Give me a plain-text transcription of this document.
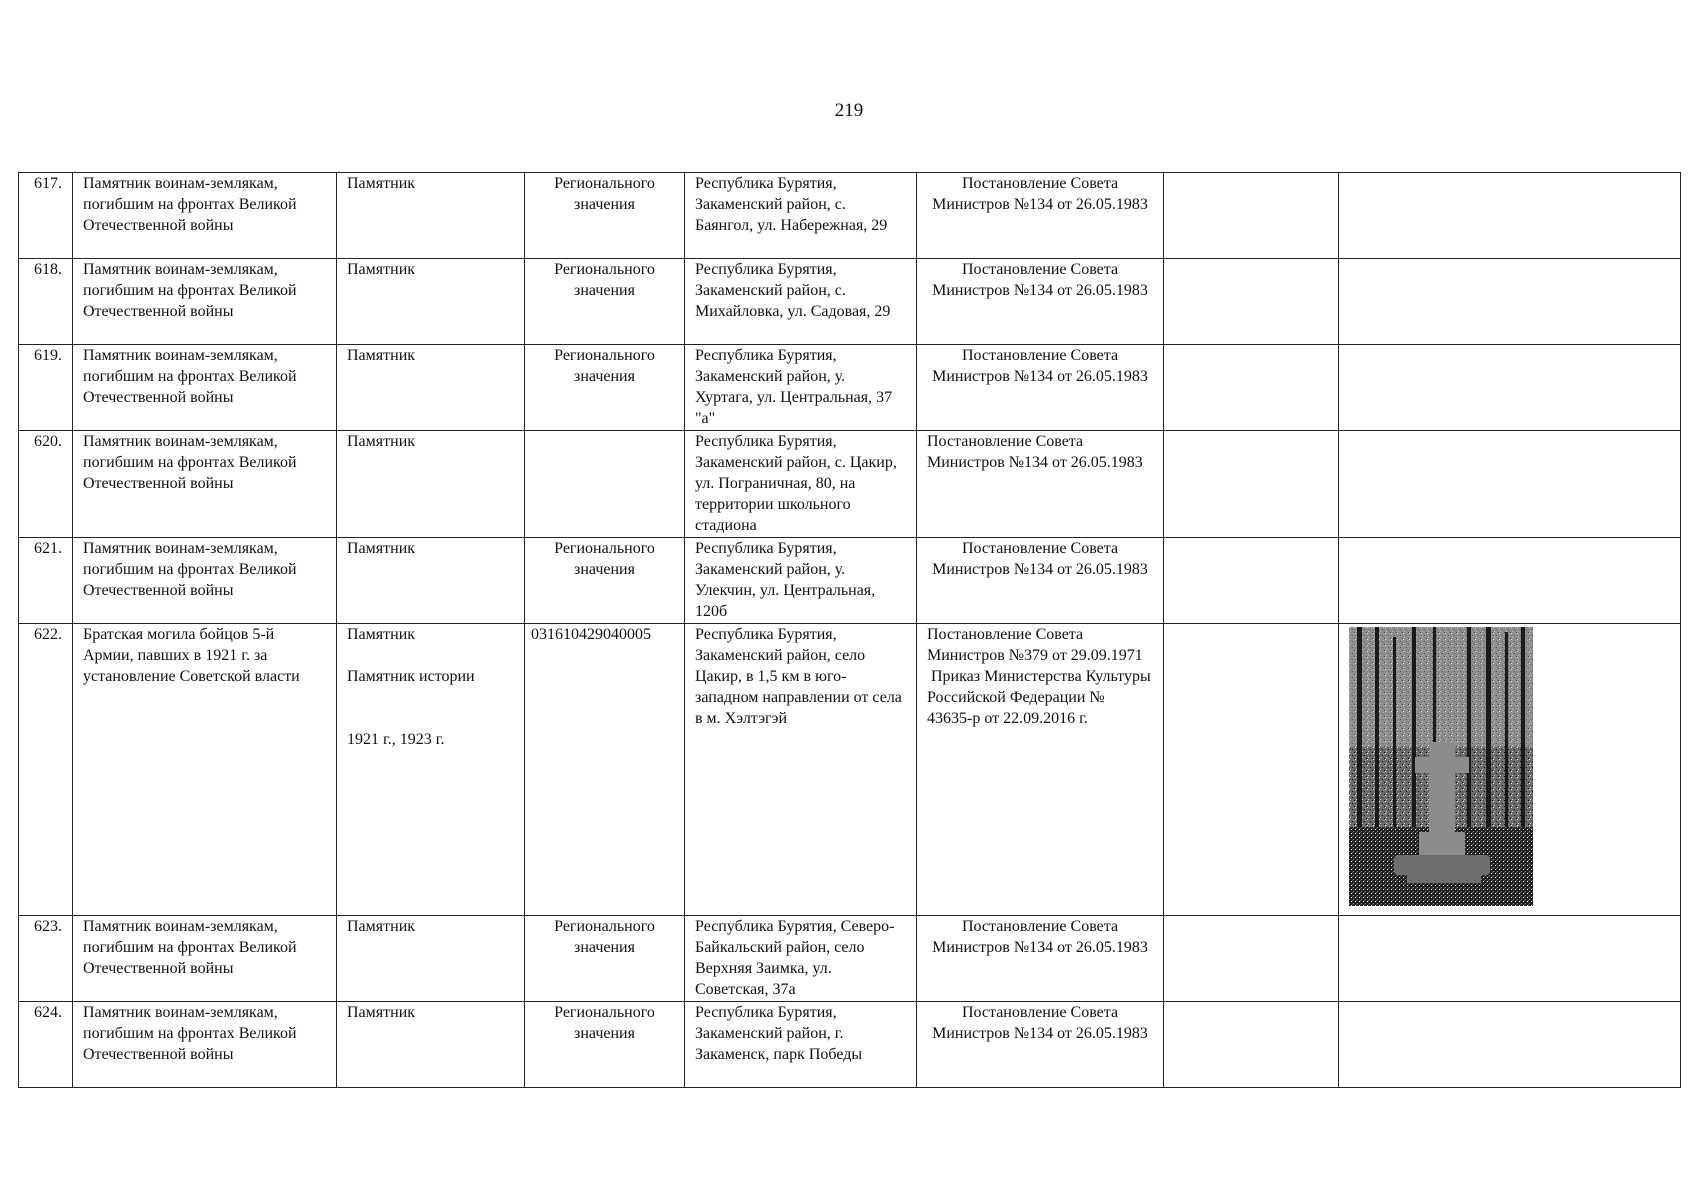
219
617.	Памятник воинам-землякам, погибшим на фронтах Великой Отечественной войны	Памятник	Регионального значения	Республика Бурятия, Закаменский район, с. Баянгол, ул. Набережная, 29	Постановление Совета Министров №134 от 26.05.1983		
618.	Памятник воинам-землякам, погибшим на фронтах Великой Отечественной войны	Памятник	Регионального значения	Республика Бурятия, Закаменский район, с. Михайловка, ул. Садовая, 29	Постановление Совета Министров №134 от 26.05.1983		
619.	Памятник воинам-землякам, погибшим на фронтах Великой Отечественной войны	Памятник	Регионального значения	Республика Бурятия, Закаменский район, у. Хуртага, ул. Центральная, 37 "а"	Постановление Совета Министров №134 от 26.05.1983		
620.	Памятник воинам-землякам, погибшим на фронтах Великой Отечественной войны	Памятник		Республика Бурятия, Закаменский район, с. Цакир, ул. Пограничная, 80, на территории школьного стадиона	Постановление Совета Министров №134 от 26.05.1983		
621.	Памятник воинам-землякам, погибшим на фронтах Великой Отечественной войны	Памятник	Регионального значения	Республика Бурятия, Закаменский район, у. Улекчин, ул. Центральная, 120б	Постановление Совета Министров №134 от 26.05.1983		
622.	Братская могила бойцов 5-й Армии, павших в 1921 г. за установление Советской власти	Памятник
Памятник истории
1921 г., 1923 г.	031610429040005	Республика Бурятия, Закаменский район, село Цакир, в 1,5 км в юго-западном направлении от села в м. Хэлтэгэй	Постановление Совета Министров №379 от 29.09.1971
Приказ Министерства Культуры  Российской Федерации № 43635-р от 22.09.2016 г.

623.	Памятник воинам-землякам, погибшим на фронтах Великой Отечественной войны	Памятник	Регионального значения	Республика Бурятия, Северо-Байкальский район, село Верхняя Заимка, ул. Советская, 37а	Постановление Совета Министров №134 от 26.05.1983		
624.	Памятник воинам-землякам, погибшим на фронтах Великой Отечественной войны	Памятник	Регионального значения	Республика Бурятия, Закаменский район, г. Закаменск, парк Победы	Постановление Совета Министров №134 от 26.05.1983		
